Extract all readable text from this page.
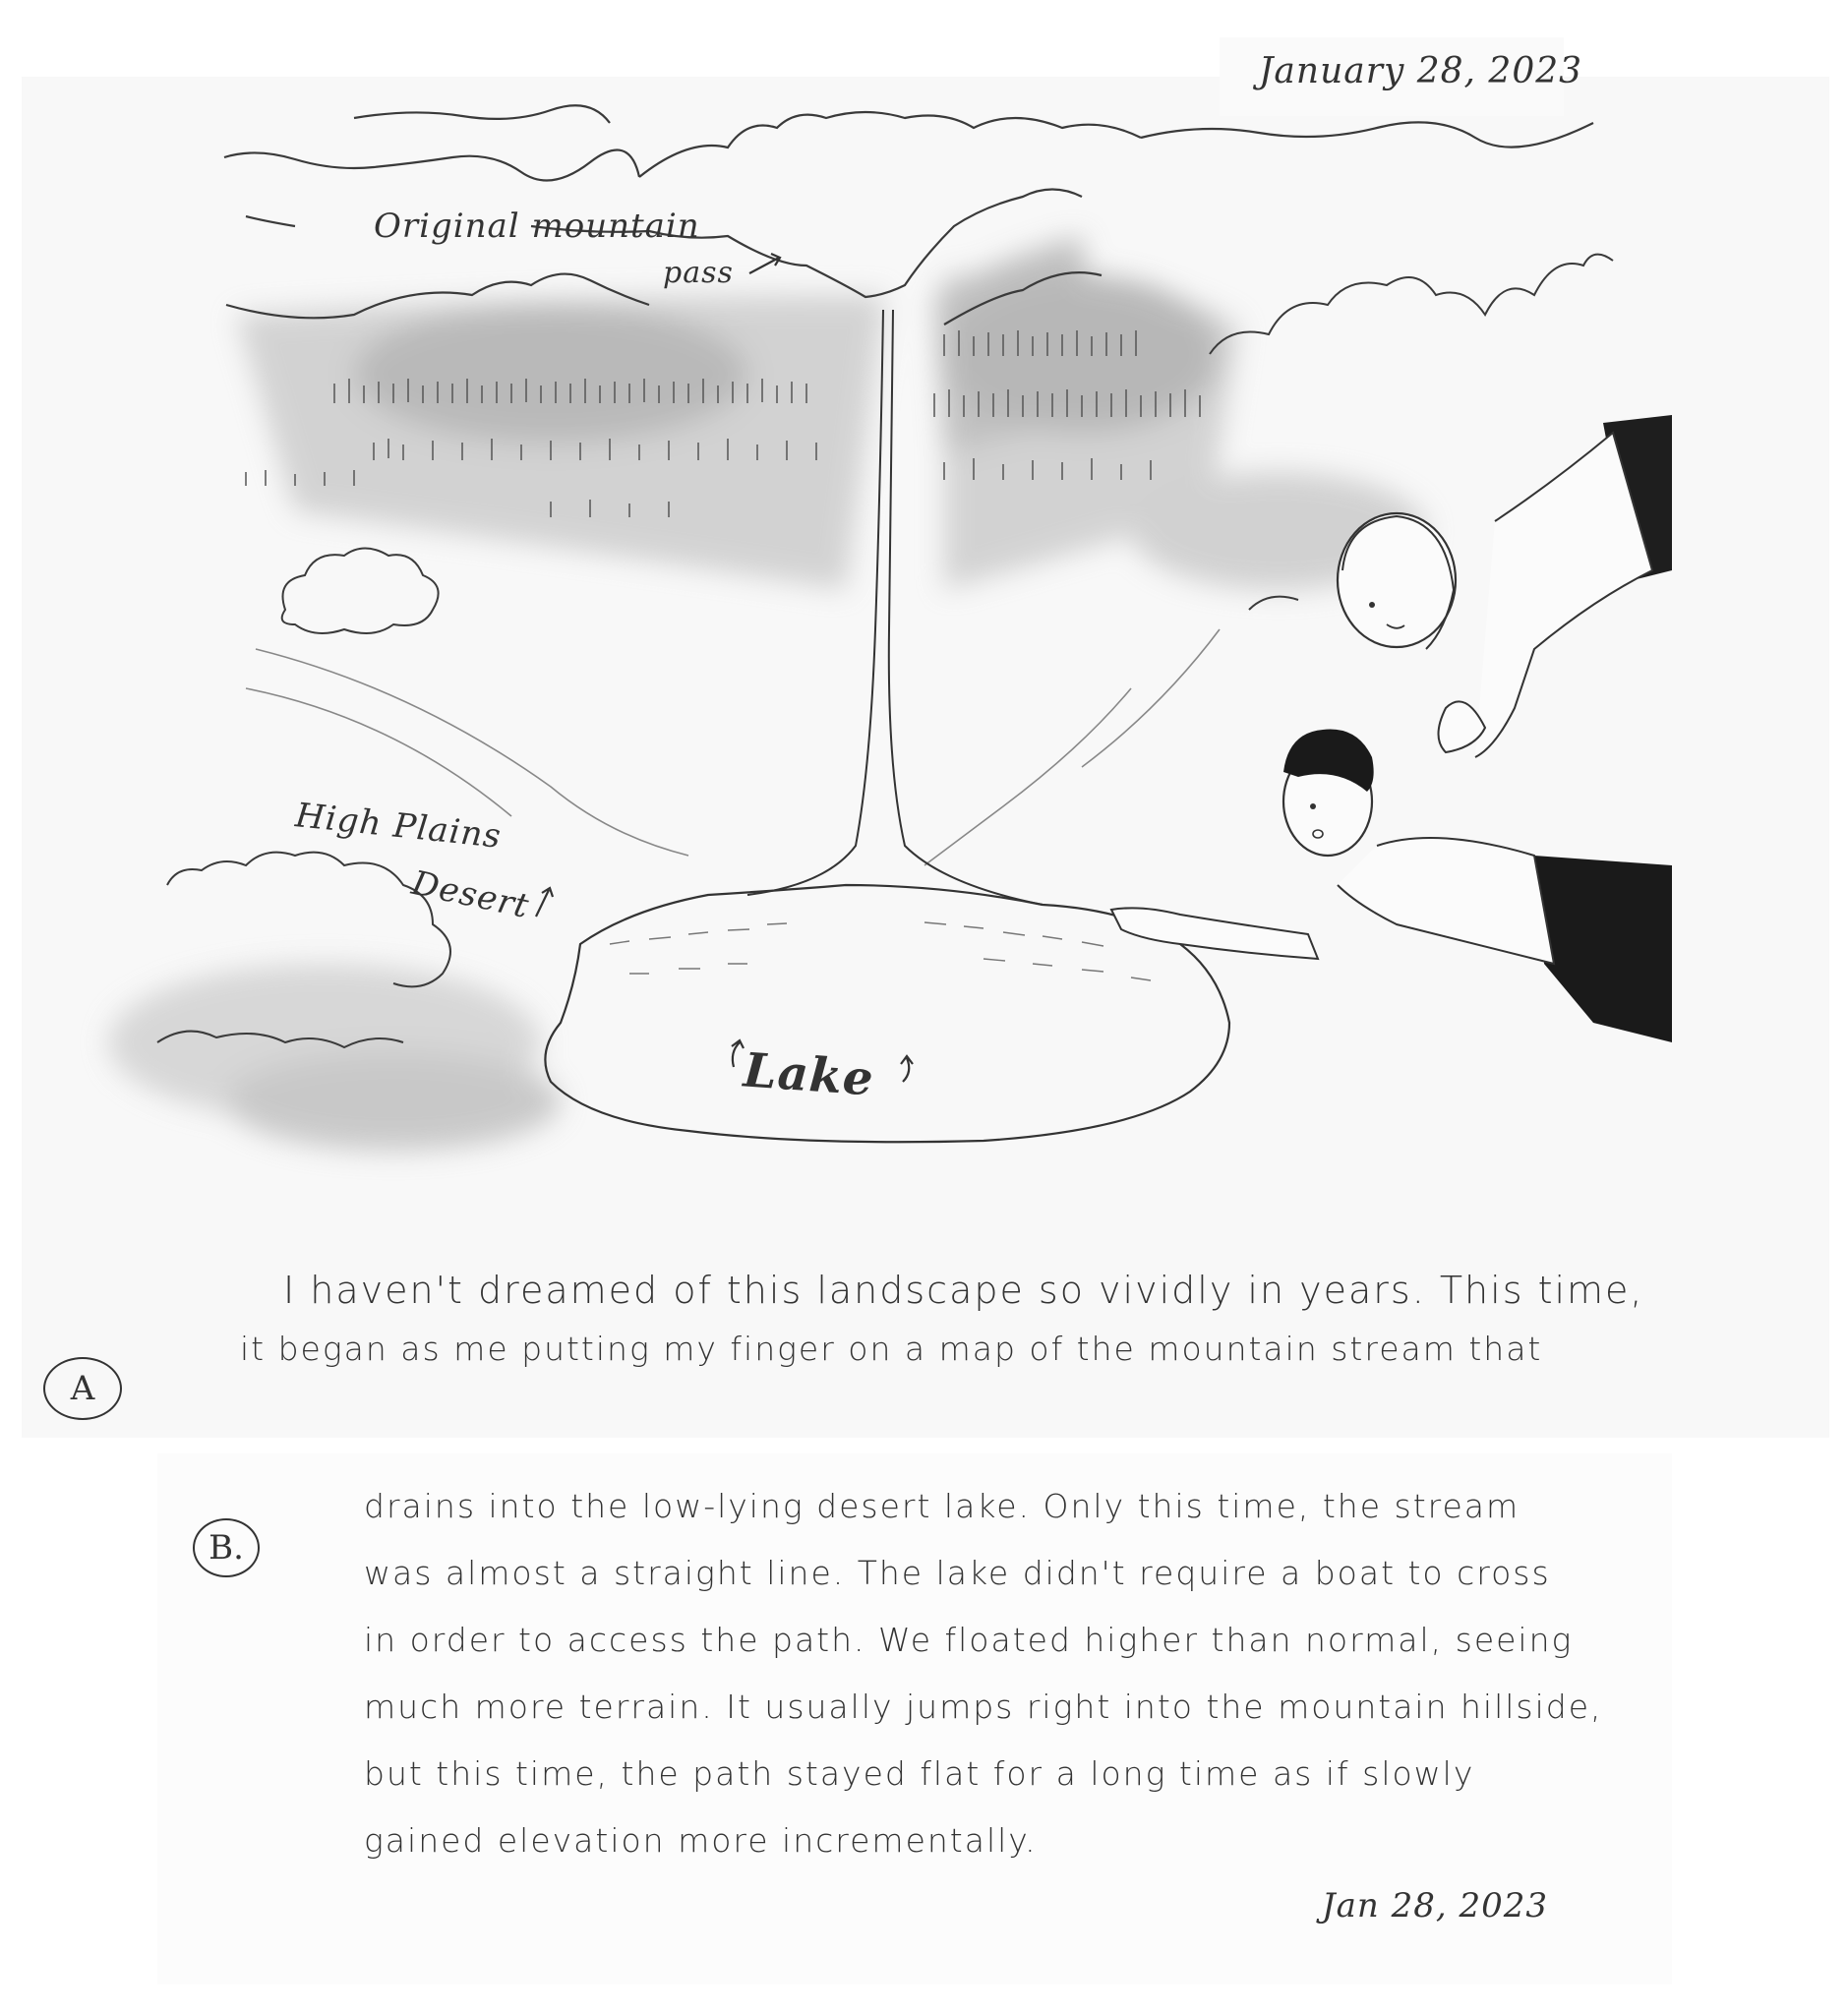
January 28, 2023
Original mountain
pass
High Plains
Desert
Lake
I haven't dreamed of this landscape so vividly in years. This time,
it began as me putting my finger on a map of the mountain stream that
A
B.
drains into the low-lying desert lake. Only this time, the stream
was almost a straight line. The lake didn't require a boat to cross
in order to access the path. We floated higher than normal, seeing
much more terrain. It usually jumps right into the mountain hillside,
but this time, the path stayed flat for a long time as if slowly
gained elevation more incrementally.
Jan 28, 2023
